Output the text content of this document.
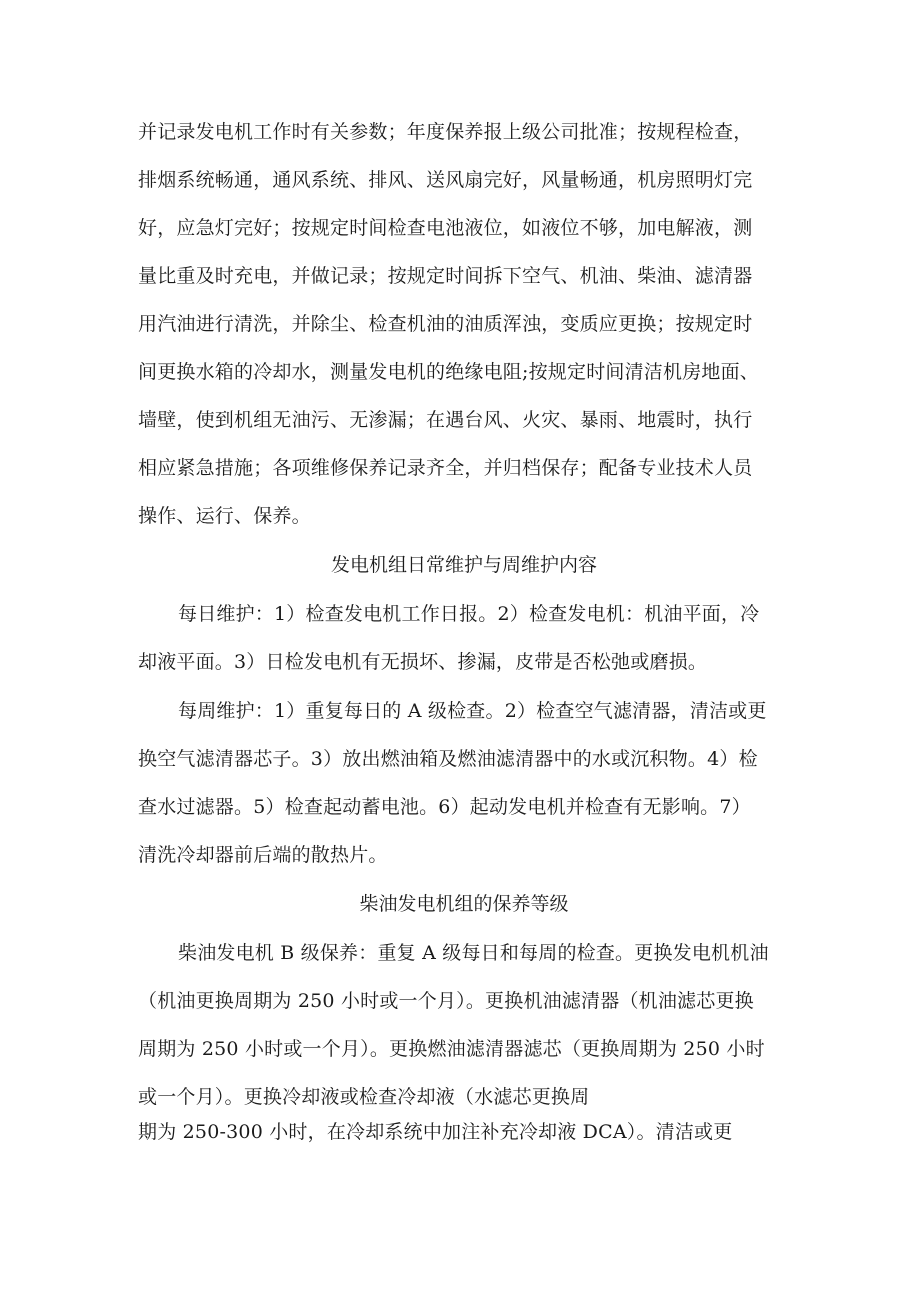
并记录发电机工作时有关参数；年度保养报上级公司批准；按规程检查，
排烟系统畅通，通风系统、排风、送风扇完好，风量畅通，机房照明灯完
好，应急灯完好；按规定时间检查电池液位，如液位不够，加电解液，测
量比重及时充电，并做记录；按规定时间拆下空气、机油、柴油、滤清器
用汽油进行清洗，并除尘、检查机油的油质浑浊，变质应更换；按规定时
间更换水箱的冷却水，测量发电机的绝缘电阻;按规定时间清洁机房地面、
墙壁，使到机组无油污、无渗漏；在遇台风、火灾、暴雨、地震时，执行
相应紧急措施；各项维修保养记录齐全，并归档保存；配备专业技术人员
操作、运行、保养。
发电机组日常维护与周维护内容
每日维护：1）检查发电机工作日报。2）检查发电机：机油平面，冷
却液平面。3）日检发电机有无损坏、掺漏，皮带是否松弛或磨损。
每周维护：1）重复每日的 A 级检查。2）检查空气滤清器，清洁或更
换空气滤清器芯子。3）放出燃油箱及燃油滤清器中的水或沉积物。4）检
查水过滤器。5）检查起动蓄电池。6）起动发电机并检查有无影响。7）
清洗冷却器前后端的散热片。
柴油发电机组的保养等级
柴油发电机 B 级保养：重复 A 级每日和每周的检查。更换发电机机油
（机油更换周期为 250 小时或一个月）。更换机油滤清器（机油滤芯更换
周期为 250 小时或一个月）。更换燃油滤清器滤芯（更换周期为 250 小时
或一个月）。更换冷却液或检查冷却液（水滤芯更换周
期为 250-300 小时，在冷却系统中加注补充冷却液 DCA）。清洁或更
